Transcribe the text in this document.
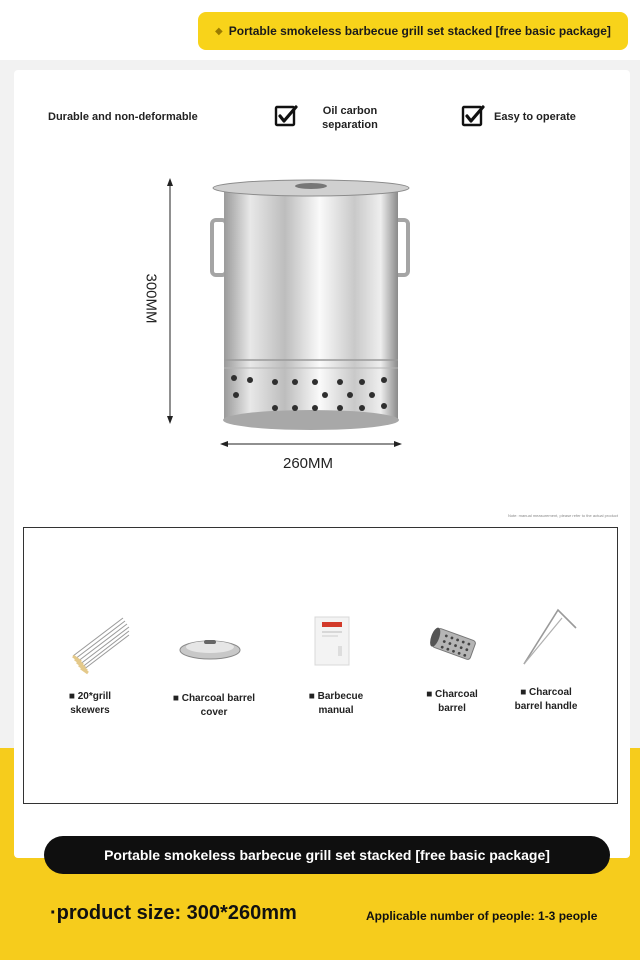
◆ Portable smokeless barbecue grill set stacked [free basic package]
Durable and non-deformable	Oil carbon
separation
Easy to operate
300MM
260MM
Note: manual measurement, please refer to the actual product
■ 20*grill
skewers
■ Charcoal barrel
cover
■ Barbecue
manual
■ Charcoal
barrel
■ Charcoal
barrel handle
Portable smokeless barbecue grill set stacked [free basic package]
·product size: 300*260mm	Applicable number of people: 1-3 people
